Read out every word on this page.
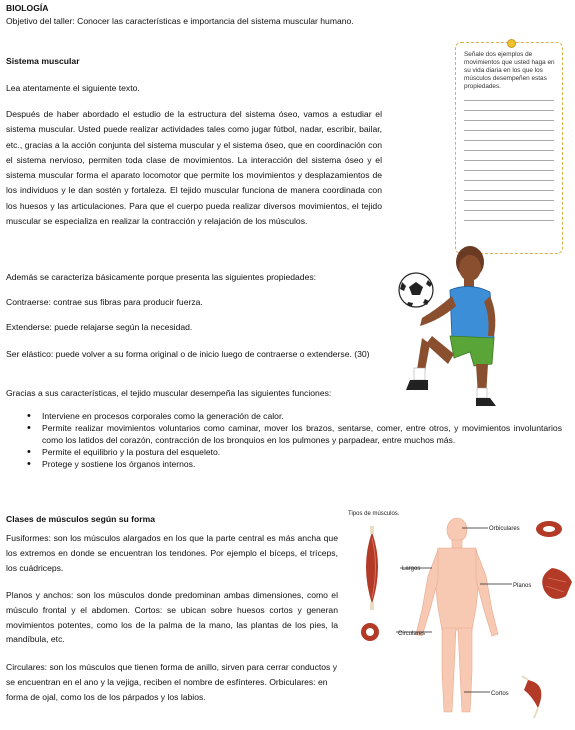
BIOLOGÍA
Objetivo del taller: Conocer las características e importancia del sistema muscular humano.
Sistema muscular
Lea atentamente el siguiente texto.

Después de haber abordado el estudio de la estructura del sistema óseo, vamos a estudiar el sistema muscular. Usted puede realizar actividades tales como jugar fútbol, nadar, escribir, bailar, etc., gracias a la acción conjunta del sistema muscular y el sistema óseo, que en coordinación con el sistema nervioso, permiten toda clase de movimientos. La interacción del sistema óseo y el sistema muscular forma el aparato locomotor que permite los movimientos y desplazamientos de los individuos y le dan sostén y fortaleza. El tejido muscular funciona de manera coordinada con los huesos y las articulaciones. Para que el cuerpo pueda realizar diversos movimientos, el tejido muscular se especializa en realizar la contracción y relajación de los músculos.

Señale dos ejemplos de movimientos que usted haga en su vida diaria en los que los músculos desempeñen estas propiedades.
Además se caracteriza básicamente porque presenta las siguientes propiedades:
Contraerse: contrae sus fibras para producir fuerza.
Extenderse: puede relajarse según la necesidad.

Ser elástico: puede volver a su forma original o de inicio luego de contraerse o extenderse. (30)

Gracias a sus características, el tejido muscular desempeña las siguientes funciones:
• Interviene en procesos corporales como la generación de calor.
• Permite realizar movimientos voluntarios como caminar, mover los brazos, sentarse, comer, entre otros, y movimientos involuntarios como los latidos del corazón, contracción de los bronquios en los pulmones y parpadear, entre muchos más.
• Permite el equilibrio y la postura del esqueleto.
• Protege y sostiene los órganos internos.
Clases de músculos según su forma

Fusiformes: son los músculos alargados en los que la parte central es más ancha que los extremos en donde se encuentran los tendones. Por ejemplo el bíceps, el tríceps, los cuádriceps.

Planos y anchos: son los músculos donde predominan ambas dimensiones, como el músculo frontal y el abdomen. Cortos: se ubican sobre huesos cortos y generan movimientos potentes, como los de la palma de la mano, las plantas de los pies, la mandíbula, etc.

Circulares: son los músculos que tienen forma de anillo, sirven para cerrar conductos y se encuentran en el ano y la vejiga, reciben el nombre de esfínteres. Orbiculares: en forma de ojal, como los de los párpados y los labios.

Tipos de músculos.
Orbiculares
Largos
Planos
Circulares
Cortos
